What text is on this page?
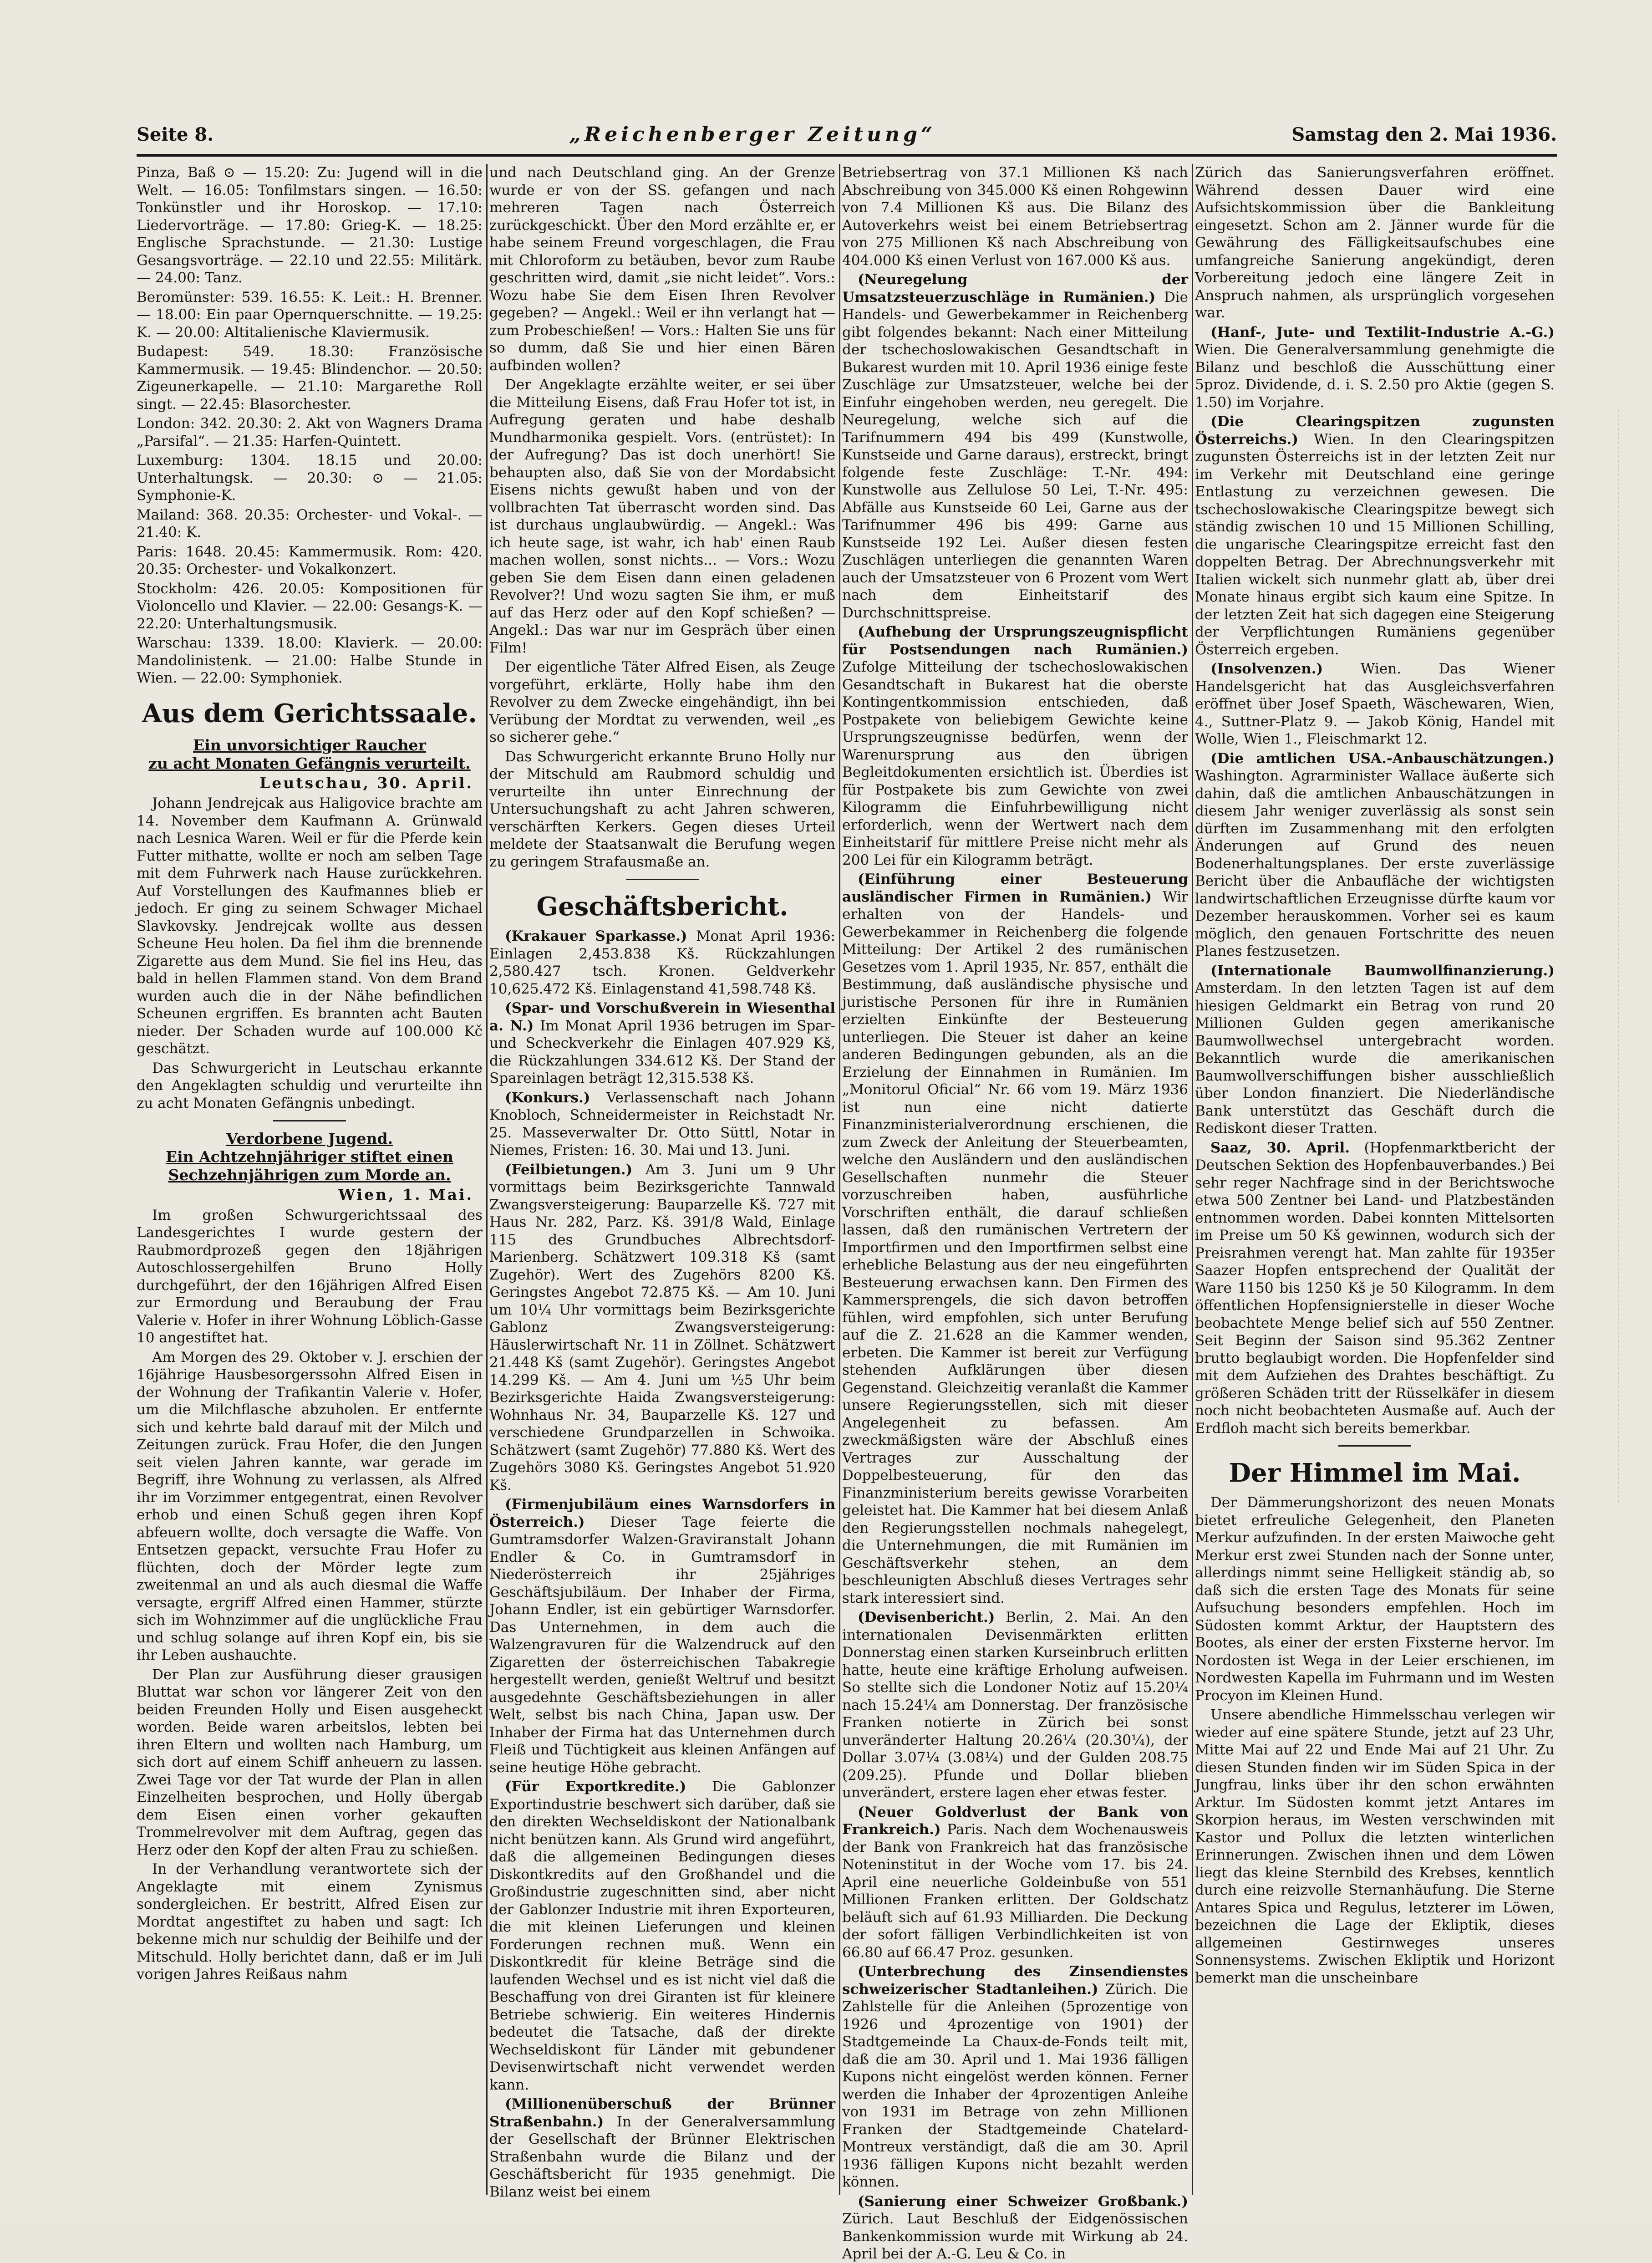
Seite 8.	„Reichenberger Zeitung“	Samstag den 2. Mai 1936.

Pinza, Baß ⊙ — 15.20: Zu: Jugend will in die Welt. — 16.05: Tonfilmstars singen. — 16.50: Tonkünstler und ihr Horoskop. — 17.10: Liedervorträge. — 17.80: Grieg-K. — 18.25: Englische Sprachstunde. — 21.30: Lustige Gesangsvorträge. — 22.10 und 22.55: Militärk. — 24.00: Tanz.

Beromünster: 539. 16.55: K. Leit.: H. Brenner. — 18.00: Ein paar Opernquerschnitte. — 19.25: K. — 20.00: Altitalienische Klaviermusik.

Budapest: 549. 18.30: Französische Kammermusik. — 19.45: Blindenchor. — 20.50: Zigeunerkapelle. — 21.10: Margarethe Roll singt. — 22.45: Blasorchester.

London: 342. 20.30: 2. Akt von Wagners Drama „Parsifal“. — 21.35: Harfen-Quintett.

Luxemburg: 1304. 18.15 und 20.00: Unterhaltungsk. — 20.30: ⊙ — 21.05: Symphonie-K.

Mailand: 368. 20.35: Orchester- und Vokal-. — 21.40: K.

Paris: 1648. 20.45: Kammermusik. Rom: 420. 20.35: Orchester- und Vokalkonzert.

Stockholm: 426. 20.05: Kompositionen für Violoncello und Klavier. — 22.00: Gesangs-K. — 22.20: Unterhaltungsmusik.

Warschau: 1339. 18.00: Klavierk. — 20.00: Mandolinistenk. — 21.00: Halbe Stunde in Wien. — 22.00: Symphoniek.

Aus dem Gerichtssaale.
Ein unvorsichtiger Raucher
zu acht Monaten Gefängnis verurteilt.

Leutschau, 30. April.

Johann Jendrejcak aus Haligovice brachte am 14. November dem Kaufmann A. Grünwald nach Lesnica Waren. Weil er für die Pferde kein Futter mithatte, wollte er noch am selben Tage mit dem Fuhrwerk nach Hause zurückkehren. Auf Vorstellungen des Kaufmannes blieb er jedoch. Er ging zu seinem Schwager Michael Slavkovsky. Jendrejcak wollte aus dessen Scheune Heu holen. Da fiel ihm die brennende Zigarette aus dem Mund. Sie fiel ins Heu, das bald in hellen Flammen stand. Von dem Brand wurden auch die in der Nähe befindlichen Scheunen ergriffen. Es brannten acht Bauten nieder. Der Schaden wurde auf 100.000 Kč geschätzt.

Das Schwurgericht in Leutschau erkannte den Angeklagten schuldig und verurteilte ihn zu acht Monaten Gefängnis unbedingt.

Verdorbene Jugend.
Ein Achtzehnjähriger stiftet einen Sechzehnjährigen zum Morde an.

Wien, 1. Mai.

Im großen Schwurgerichtssaal des Landesgerichtes I wurde gestern der Raubmordprozeß gegen den 18jährigen Autoschlossergehilfen Bruno Holly durchgeführt, der den 16jährigen Alfred Eisen zur Ermordung und Beraubung der Frau Valerie v. Hofer in ihrer Wohnung Löblich-Gasse 10 angestiftet hat.

Am Morgen des 29. Oktober v. J. erschien der 16jährige Hausbesorgerssohn Alfred Eisen in der Wohnung der Trafikantin Valerie v. Hofer, um die Milchflasche abzuholen. Er entfernte sich und kehrte bald darauf mit der Milch und Zeitungen zurück. Frau Hofer, die den Jungen seit vielen Jahren kannte, war gerade im Begriff, ihre Wohnung zu verlassen, als Alfred ihr im Vorzimmer entgegentrat, einen Revolver erhob und einen Schuß gegen ihren Kopf abfeuern wollte, doch versagte die Waffe. Von Entsetzen gepackt, versuchte Frau Hofer zu flüchten, doch der Mörder legte zum zweitenmal an und als auch diesmal die Waffe versagte, ergriff Alfred einen Hammer, stürzte sich im Wohnzimmer auf die unglückliche Frau und schlug solange auf ihren Kopf ein, bis sie ihr Leben aushauchte.

Der Plan zur Ausführung dieser grausigen Bluttat war schon vor längerer Zeit von den beiden Freunden Holly und Eisen ausgeheckt worden. Beide waren arbeitslos, lebten bei ihren Eltern und wollten nach Hamburg, um sich dort auf einem Schiff anheuern zu lassen. Zwei Tage vor der Tat wurde der Plan in allen Einzelheiten besprochen, und Holly übergab dem Eisen einen vorher gekauften Trommelrevolver mit dem Auftrag, gegen das Herz oder den Kopf der alten Frau zu schießen.

In der Verhandlung verantwortete sich der Angeklagte mit einem Zynismus sondergleichen. Er bestritt, Alfred Eisen zur Mordtat angestiftet zu haben und sagt: Ich bekenne mich nur schuldig der Beihilfe und der Mitschuld. Holly berichtet dann, daß er im Juli vorigen Jahres Reißaus nahm

und nach Deutschland ging. An der Grenze wurde er von der SS. gefangen und nach mehreren Tagen nach Österreich zurückgeschickt. Über den Mord erzählte er, er habe seinem Freund vorgeschlagen, die Frau mit Chloroform zu betäuben, bevor zum Raube geschritten wird, damit „sie nicht leidet“. Vors.: Wozu habe Sie dem Eisen Ihren Revolver gegeben? — Angekl.: Weil er ihn verlangt hat — zum Probeschießen! — Vors.: Halten Sie uns für so dumm, daß Sie und hier einen Bären aufbinden wollen?

Der Angeklagte erzählte weiter, er sei über die Mitteilung Eisens, daß Frau Hofer tot ist, in Aufregung geraten und habe deshalb Mundharmonika gespielt. Vors. (entrüstet): In der Aufregung? Das ist doch unerhört! Sie behaupten also, daß Sie von der Mordabsicht Eisens nichts gewußt haben und von der vollbrachten Tat überrascht worden sind. Das ist durchaus unglaubwürdig. — Angekl.: Was ich heute sage, ist wahr, ich hab' einen Raub machen wollen, sonst nichts... — Vors.: Wozu geben Sie dem Eisen dann einen geladenen Revolver?! Und wozu sagten Sie ihm, er muß auf das Herz oder auf den Kopf schießen? — Angekl.: Das war nur im Gespräch über einen Film!

Der eigentliche Täter Alfred Eisen, als Zeuge vorgeführt, erklärte, Holly habe ihm den Revolver zu dem Zwecke eingehändigt, ihn bei Verübung der Mordtat zu verwenden, weil „es so sicherer gehe.“

Das Schwurgericht erkannte Bruno Holly nur der Mitschuld am Raubmord schuldig und verurteilte ihn unter Einrechnung der Untersuchungshaft zu acht Jahren schweren, verschärften Kerkers. Gegen dieses Urteil meldete der Staatsanwalt die Berufung wegen zu geringem Strafausmaße an.

Geschäftsbericht.

(Krakauer Sparkasse.) Monat April 1936: Einlagen 2,453.838 Kš. Rückzahlungen 2,580.427 tsch. Kronen. Geldverkehr 10,625.472 Kš. Einlagenstand 41,598.748 Kš.

(Spar- und Vorschußverein in Wiesenthal a. N.) Im Monat April 1936 betrugen im Spar- und Scheckverkehr die Einlagen 407.929 Kš, die Rückzahlungen 334.612 Kš. Der Stand der Spareinlagen beträgt 12,315.538 Kš.

(Konkurs.) Verlassenschaft nach Johann Knobloch, Schneidermeister in Reichstadt Nr. 25. Masseverwalter Dr. Otto Süttl, Notar in Niemes, Fristen: 16. 30. Mai und 13. Juni.

(Feilbietungen.) Am 3. Juni um 9 Uhr vormittags beim Bezirksgerichte Tannwald Zwangsversteigerung: Bauparzelle Kš. 727 mit Haus Nr. 282, Parz. Kš. 391/8 Wald, Einlage 115 des Grundbuches Albrechtsdorf-Marienberg. Schätzwert 109.318 Kš (samt Zugehör). Wert des Zugehörs 8200 Kš. Geringstes Angebot 72.875 Kš. — Am 10. Juni um 10¼ Uhr vormittags beim Bezirksgerichte Gablonz Zwangsversteigerung: Häuslerwirtschaft Nr. 11 in Zöllnet. Schätzwert 21.448 Kš (samt Zugehör). Geringstes Angebot 14.299 Kš. — Am 4. Juni um ½5 Uhr beim Bezirksgerichte Haida Zwangsversteigerung: Wohnhaus Nr. 34, Bauparzelle Kš. 127 und verschiedene Grundparzellen in Schwoika. Schätzwert (samt Zugehör) 77.880 Kš. Wert des Zugehörs 3080 Kš. Geringstes Angebot 51.920 Kš.

(Firmenjubiläum eines Warnsdorfers in Österreich.) Dieser Tage feierte die Gumtramsdorfer Walzen-Graviranstalt Johann Endler & Co. in Gumtramsdorf in Niederösterreich ihr 25jähriges Geschäftsjubiläum. Der Inhaber der Firma, Johann Endler, ist ein gebürtiger Warnsdorfer. Das Unternehmen, in dem auch die Walzengravuren für die Walzendruck auf den Zigaretten der österreichischen Tabakregie hergestellt werden, genießt Weltruf und besitzt ausgedehnte Geschäftsbeziehungen in aller Welt, selbst bis nach China, Japan usw. Der Inhaber der Firma hat das Unternehmen durch Fleiß und Tüchtigkeit aus kleinen Anfängen auf seine heutige Höhe gebracht.

(Für Exportkredite.) Die Gablonzer Exportindustrie beschwert sich darüber, daß sie den direkten Wechseldiskont der Nationalbank nicht benützen kann. Als Grund wird angeführt, daß die allgemeinen Bedingungen dieses Diskontkredits auf den Großhandel und die Großindustrie zugeschnitten sind, aber nicht der Gablonzer Industrie mit ihren Exporteuren, die mit kleinen Lieferungen und kleinen Forderungen rechnen muß. Wenn ein Diskontkredit für kleine Beträge sind die laufenden Wechsel und es ist nicht viel daß die Beschaffung von drei Giranten ist für kleinere Betriebe schwierig. Ein weiteres Hindernis bedeutet die Tatsache, daß der direkte Wechseldiskont für Länder mit gebundener Devisenwirtschaft nicht verwendet werden kann.

(Millionenüberschuß der Brünner Straßenbahn.) In der Generalversammlung der Gesellschaft der Brünner Elektrischen Straßenbahn wurde die Bilanz und der Geschäftsbericht für 1935 genehmigt. Die Bilanz weist bei einem

Betriebsertrag von 37.1 Millionen Kš nach Abschreibung von 345.000 Kš einen Rohgewinn von 7.4 Millionen Kš aus. Die Bilanz des Autoverkehrs weist bei einem Betriebsertrag von 275 Millionen Kš nach Abschreibung von 404.000 Kš einen Verlust von 167.000 Kš aus.

(Neuregelung der Umsatzsteuerzuschläge in Rumänien.) Die Handels- und Gewerbekammer in Reichenberg gibt folgendes bekannt: Nach einer Mitteilung der tschechoslowakischen Gesandtschaft in Bukarest wurden mit 10. April 1936 einige feste Zuschläge zur Umsatzsteuer, welche bei der Einfuhr eingehoben werden, neu geregelt. Die Neuregelung, welche sich auf die Tarifnummern 494 bis 499 (Kunstwolle, Kunstseide und Garne daraus), erstreckt, bringt folgende feste Zuschläge: T.-Nr. 494: Kunstwolle aus Zellulose 50 Lei, T.-Nr. 495: Abfälle aus Kunstseide 60 Lei, Garne aus der Tarifnummer 496 bis 499: Garne aus Kunstseide 192 Lei. Außer diesen festen Zuschlägen unterliegen die genannten Waren auch der Umsatzsteuer von 6 Prozent vom Wert nach dem Einheitstarif des Durchschnittspreise.

(Aufhebung der Ursprungszeugnispflicht für Postsendungen nach Rumänien.) Zufolge Mitteilung der tschechoslowakischen Gesandtschaft in Bukarest hat die oberste Kontingentkommission entschieden, daß Postpakete von beliebigem Gewichte keine Ursprungszeugnisse bedürfen, wenn der Warenursprung aus den übrigen Begleitdokumenten ersichtlich ist. Überdies ist für Postpakete bis zum Gewichte von zwei Kilogramm die Einfuhrbewilligung nicht erforderlich, wenn der Wertwert nach dem Einheitstarif für mittlere Preise nicht mehr als 200 Lei für ein Kilogramm beträgt.

(Einführung einer Besteuerung ausländischer Firmen in Rumänien.) Wir erhalten von der Handels- und Gewerbekammer in Reichenberg die folgende Mitteilung: Der Artikel 2 des rumänischen Gesetzes vom 1. April 1935, Nr. 857, enthält die Bestimmung, daß ausländische physische und juristische Personen für ihre in Rumänien erzielten Einkünfte der Besteuerung unterliegen. Die Steuer ist daher an keine anderen Bedingungen gebunden, als an die Erzielung der Einnahmen in Rumänien. Im „Monitorul Oficial“ Nr. 66 vom 19. März 1936 ist nun eine nicht datierte Finanzministerialverordnung erschienen, die zum Zweck der Anleitung der Steuerbeamten, welche den Ausländern und den ausländischen Gesellschaften nunmehr die Steuer vorzuschreiben haben, ausführliche Vorschriften enthält, die darauf schließen lassen, daß den rumänischen Vertretern der Importfirmen und den Importfirmen selbst eine erhebliche Belastung aus der neu eingeführten Besteuerung erwachsen kann. Den Firmen des Kammersprengels, die sich davon betroffen fühlen, wird empfohlen, sich unter Berufung auf die Z. 21.628 an die Kammer wenden, erbeten. Die Kammer ist bereit zur Verfügung stehenden Aufklärungen über diesen Gegenstand. Gleichzeitig veranlaßt die Kammer unsere Regierungsstellen, sich mit dieser Angelegenheit zu befassen. Am zweckmäßigsten wäre der Abschluß eines Vertrages zur Ausschaltung der Doppelbesteuerung, für den das Finanzministerium bereits gewisse Vorarbeiten geleistet hat. Die Kammer hat bei diesem Anlaß den Regierungsstellen nochmals nahegelegt, die Unternehmungen, die mit Rumänien im Geschäftsverkehr stehen, an dem beschleunigten Abschluß dieses Vertrages sehr stark interessiert sind.

(Devisenbericht.) Berlin, 2. Mai. An den internationalen Devisenmärkten erlitten Donnerstag einen starken Kurseinbruch erlitten hatte, heute eine kräftige Erholung aufweisen. So stellte sich die Londoner Notiz auf 15.20¼ nach 15.24¼ am Donnerstag. Der französische Franken notierte in Zürich bei sonst unveränderter Haltung 20.26¼ (20.30¼), der Dollar 3.07¼ (3.08¼) und der Gulden 208.75 (209.25). Pfunde und Dollar blieben unverändert, erstere lagen eher etwas fester.

(Neuer Goldverlust der Bank von Frankreich.) Paris. Nach dem Wochenausweis der Bank von Frankreich hat das französische Noteninstitut in der Woche vom 17. bis 24. April eine neuerliche Goldeinbuße von 551 Millionen Franken erlitten. Der Goldschatz beläuft sich auf 61.93 Milliarden. Die Deckung der sofort fälligen Verbindlichkeiten ist von 66.80 auf 66.47 Proz. gesunken.

(Unterbrechung des Zinsendienstes schweizerischer Stadtanleihen.) Zürich. Die Zahlstelle für die Anleihen (5prozentige von 1926 und 4prozentige von 1901) der Stadtgemeinde La Chaux-de-Fonds teilt mit, daß die am 30. April und 1. Mai 1936 fälligen Kupons nicht eingelöst werden können. Ferner werden die Inhaber der 4prozentigen Anleihe von 1931 im Betrage von zehn Millionen Franken der Stadtgemeinde Chatelard-Montreux verständigt, daß die am 30. April 1936 fälligen Kupons nicht bezahlt werden können.

(Sanierung einer Schweizer Großbank.) Zürich. Laut Beschluß der Eidgenössischen Bankenkommission wurde mit Wirkung ab 24. April bei der A.-G. Leu & Co. in

Zürich das Sanierungsverfahren eröffnet. Während dessen Dauer wird eine Aufsichtskommission über die Bankleitung eingesetzt. Schon am 2. Jänner wurde für die Gewährung des Fälligkeitsaufschubes eine umfangreiche Sanierung angekündigt, deren Vorbereitung jedoch eine längere Zeit in Anspruch nahmen, als ursprünglich vorgesehen war.

(Hanf-, Jute- und Textilit-Industrie A.-G.) Wien. Die Generalversammlung genehmigte die Bilanz und beschloß die Ausschüttung einer 5proz. Dividende, d. i. S. 2.50 pro Aktie (gegen S. 1.50) im Vorjahre.

(Die Clearingspitzen zugunsten Österreichs.) Wien. In den Clearingspitzen zugunsten Österreichs ist in der letzten Zeit nur im Verkehr mit Deutschland eine geringe Entlastung zu verzeichnen gewesen. Die tschechoslowakische Clearingspitze bewegt sich ständig zwischen 10 und 15 Millionen Schilling, die ungarische Clearingspitze erreicht fast den doppelten Betrag. Der Abrechnungsverkehr mit Italien wickelt sich nunmehr glatt ab, über drei Monate hinaus ergibt sich kaum eine Spitze. In der letzten Zeit hat sich dagegen eine Steigerung der Verpflichtungen Rumäniens gegenüber Österreich ergeben.

(Insolvenzen.)	Wien. Das Wiener Handelsgericht hat das Ausgleichsverfahren eröffnet über Josef Spaeth, Wäschewaren, Wien, 4., Suttner-Platz 9. — Jakob König, Handel mit Wolle, Wien 1., Fleischmarkt 12.

(Die amtlichen USA.-Anbauschätzungen.) Washington. Agrarminister Wallace äußerte sich dahin, daß die amtlichen Anbauschätzungen in diesem Jahr weniger zuverlässig als sonst sein dürften im Zusammenhang mit den erfolgten Änderungen auf Grund des neuen Bodenerhaltungsplanes. Der erste zuverlässige Bericht über die Anbaufläche der wichtigsten landwirtschaftlichen Erzeugnisse dürfte kaum vor Dezember herauskommen. Vorher sei es kaum möglich, den genauen Fortschritte des neuen Planes festzusetzen.

(Internationale Baumwollfinanzierung.) Amsterdam. In den letzten Tagen ist auf dem hiesigen Geldmarkt ein Betrag von rund 20 Millionen Gulden gegen amerikanische Baumwollwechsel untergebracht worden. Bekanntlich wurde die amerikanischen Baumwollverschiffungen bisher ausschließlich über London finanziert. Die Niederländische Bank unterstützt das Geschäft durch die Rediskont dieser Tratten.

Saaz, 30. April. (Hopfenmarktbericht der Deutschen Sektion des Hopfenbauverbandes.) Bei sehr reger Nachfrage sind in der Berichtswoche etwa 500 Zentner bei Land- und Platzbeständen entnommen worden. Dabei konnten Mittelsorten im Preise um 50 Kš gewinnen, wodurch sich der Preisrahmen verengt hat. Man zahlte für 1935er Saazer Hopfen entsprechend der Qualität der Ware 1150 bis 1250 Kš je 50 Kilogramm. In dem öffentlichen Hopfensignierstelle in dieser Woche beobachtete Menge belief sich auf 550 Zentner. Seit Beginn der Saison sind 95.362 Zentner brutto beglaubigt worden. Die Hopfenfelder sind mit dem Aufziehen des Drahtes beschäftigt. Zu größeren Schäden tritt der Rüsselkäfer in diesem noch nicht beobachteten Ausmaße auf. Auch der Erdfloh macht sich bereits bemerkbar.

Der Himmel im Mai.

Der Dämmerungshorizont des neuen Monats bietet erfreuliche Gelegenheit, den Planeten Merkur aufzufinden. In der ersten Maiwoche geht Merkur erst zwei Stunden nach der Sonne unter, allerdings nimmt seine Helligkeit ständig ab, so daß sich die ersten Tage des Monats für seine Aufsuchung besonders empfehlen. Hoch im Südosten kommt Arktur, der Hauptstern des Bootes, als einer der ersten Fixsterne hervor. Im Nordosten ist Wega in der Leier erschienen, im Nordwesten Kapella im Fuhrmann und im Westen Procyon im Kleinen Hund.

Unsere abendliche Himmelsschau verlegen wir wieder auf eine spätere Stunde, jetzt auf 23 Uhr, Mitte Mai auf 22 und Ende Mai auf 21 Uhr. Zu diesen Stunden finden wir im Süden Spica in der Jungfrau, links über ihr den schon erwähnten Arktur. Im Südosten kommt jetzt Antares im Skorpion heraus, im Westen verschwinden mit Kastor und Pollux die letzten winterlichen Erinnerungen. Zwischen ihnen und dem Löwen liegt das kleine Sternbild des Krebses, kenntlich durch eine reizvolle Sternanhäufung. Die Sterne Antares Spica und Regulus, letzterer im Löwen, bezeichnen die Lage der Ekliptik, dieses allgemeinen Gestirnweges unseres Sonnensystems. Zwischen Ekliptik und Horizont bemerkt man die unscheinbare
